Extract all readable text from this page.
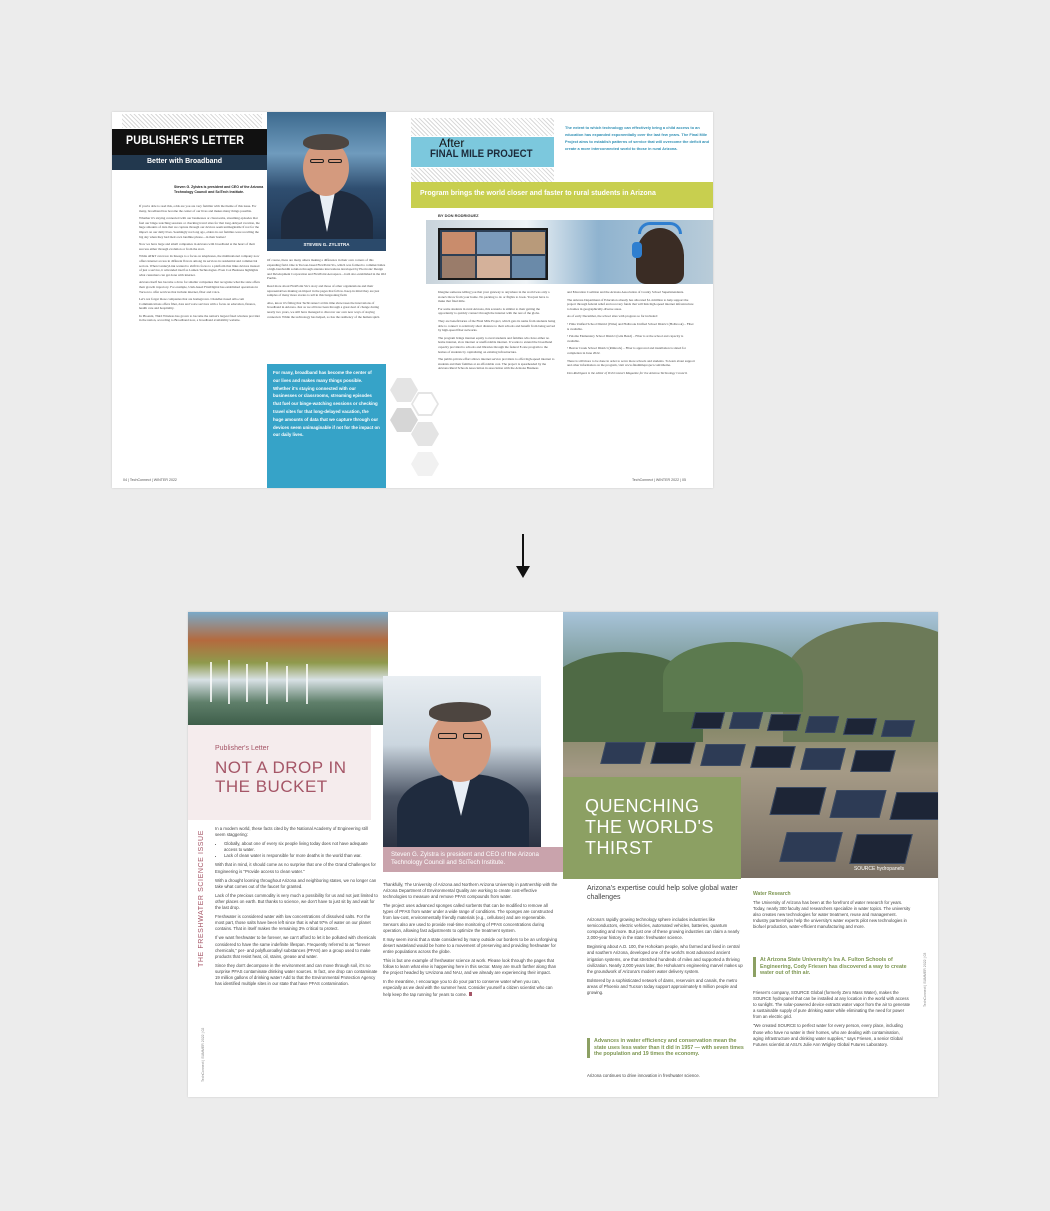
PUBLISHER'S LETTER
Better with Broadband
Steven G. Zylstra is president and CEO of the Arizona Technology Council and SciTech Institute.
STEVEN G. ZYLSTRA

If you're able to read this, odds are you are very familiar with the theme of this issue. For many, broadband has become the center of our lives and makes many things possible.

Whether it's staying connected with our businesses or classrooms, streaming episodes that fuel our binge-watching sessions or checking travel sites for that long-delayed vacation, the huge amounts of data that we capture through our devices seem unimaginable if not for the impact on our daily lives. Seemingly not long ago, elders in our families were recalling the big day when they had their own landline phone—in their homes!

Now we have large and small companies in Arizona with broadband at the heart of their success either through evolution or from the start.

While AT&T can trace its lineage to a focus on telephones, the multinational company now offers internet access in different flavors among its services in residential and commercial sectors. When CenturyLink wanted to shift its focus to a platform that links devices instead of just a service, it rebranded itself as Lumen Technologies. Even Cox Business highlights what customers can get done with internet.

Arizona itself has become a draw for smaller companies that recognize what the state offers their growth trajectory. For example, Utah-based FirstDigital has established operations in Tucson to offer services that include internet, fiber and voice.

Let's not forget those companies that are homegrown. Chandler-based Allo.com Communications offers fiber, data and voice services with a focus on education, finance, health care and hospitality.

In Phoenix, Third Wireless has grown to become the nation's largest fixed wireless provider in the nation, according to Broadband now, a broadband availability website.

Of course, there are many others making a difference in their own corners of this expanding field. One is Tucson-based FirstPoint SG, which was formed to commercialize a high-bandwidth solution through antenna innovations developed by Electronic Design and Development Corporation and FirstPoint Aerospace—both also established in the Old Pueblo.

Read more about FirstPoint SG's story and those of other organizations and their representatives making an impact in the pages that follow. Keep in mind they are just samples of many more stories to tell in this burgeoning field.

Also, know it's fitting that TechConnect at this time showcases the innovations of broadband in Arizona. Just as we all have been through a great deal of change during nearly two years, we still have managed to discover our own new ways of staying connected. While the technology has helped, so has the resiliency of the human spirit.

For many, broadband has become the center of our lives and makes many things possible. Whether it's staying connected with our businesses or classrooms, streaming episodes that fuel our binge-watching sessions or checking travel sites for that long-delayed vacation, the huge amounts of data that we capture through our devices seem unimaginable if not for the impact on our daily lives.
04 | TechConnect | WINTER 2022
After
FINAL MILE PROJECT
The extent to which technology can effectively bring a child access to an education has expanded exponentially over the last few years. The Final Mile Project aims to establish patterns of service that will overcome the deficit and create a more interconnected world to those in rural Arizona.
Program brings the world closer and faster to rural students in Arizona
BY DON RODRIGUEZ

Imagine someone telling you that your gateway to anywhere in the world was only a stone's throw from your home. No packing to do or flights to book. You just have to make that final mile.

For some students in rural Arizona, this scenario is similar to their getting the opportunity to quickly connect through the internet with the rest of the globe.

They are beneficiaries of the Final Mile Project, which gets its name from students being able to connect to relatively short distance to their schools and benefit from being served by high-speed fiber networks.

The program brings internet equity to rural students and families who have either no home internet, slow internet or unaffordable internet. It works to extend the broadband capacity provided to schools and libraries through the federal E-rate program to the homes of students by capitalizing on existing infrastructure.

The public-private effort allows internet service providers to offer high-speed internet to students and their families at an affordable cost. The project is spearheaded by the Arizona Rural Schools Association in association with the Arizona Business

and Education Coalition and the Arizona Association of County School Superintendents.

The Arizona Department of Education already has allocated $1.4 million to help support the project through federal relief and recovery funds that will link high-speed internet infrastructure to homes in geographically-diverse areas.

As of early December, the school sites with progress so far included:

• Pima Unified School District (Pima) and Holbrook Unified School District (Holbrook) – Fiber is available.

• Paloma Elementary School District (Gila Bend) – Fiber is at the school and capacity is available.

• Beaver Creek School District (Rimrock) – Fiber is approved and installation is slated for completion in June 2022.

There is still more to be done in order to serve more schools and students. To learn about support and other information on the program, visit www.finalmileproject.com/#home.

Don Rodriguez is the editor of TechConnect Magazine for the Arizona Technology Council.

TechConnect | WINTER 2022 | 05
Publisher's Letter
NOT A DROP IN THE BUCKET
THE FRESHWATER SCIENCE ISSUE
TechConnect | SUMMER 2022 | 02
Steven G. Zylstra is president and CEO of the Arizona Technology Council and SciTech Institute.

In a modern world, these facts cited by the National Academy of Engineering still seem staggering:

• Globally, about one of every six people living today does not have adequate access to water.
• Lack of clean water is responsible for more deaths in the world than war.

With that in mind, it should come as no surprise that one of the Grand Challenges for Engineering is "Provide access to clean water."

With a drought looming throughout Arizona and neighboring states, we no longer can take what comes out of the faucet for granted.

Lack of the precious commodity is very much a possibility for us and not just limited to other places on earth. But thanks to science, we don't have to just sit by and wait for the last drop.

Freshwater is considered water with low concentrations of dissolved salts. For the most part, those salts have been left since that is what 97% of water on our planet contains. That in itself makes the remaining 3% critical to protect.

If we want freshwater to be forever, we can't afford to let it be polluted with chemicals considered to have the same indefinite lifespan. Frequently referred to as "forever chemicals," per- and polyfluoroalkyl substances (PFAS) are a group used to make products that resist heat, oil, stains, grease and water.

Since they don't decompose in the environment and can move through soil, it's no surprise PFAS contaminate drinking water sources. In fact, one drop can contaminate 19 million gallons of drinking water! Add to that the Environmental Protection Agency has identified multiple sites in our state that have PFAS contamination.

Thankfully, The University of Arizona and Northern Arizona University in partnership with the Arizona Department of Environmental Quality are working to create cost-effective technologies to measure and remove PFAS compounds from water.

The project uses advanced sponges called sorbents that can be modified to remove all types of PFAS from water under a wide range of conditions. The sponges are constructed from low-cost, environmentally friendly materials (e.g., cellulose) and are regenerable. Sensors also are used to provide real-time monitoring of PFAS concentrations during operation, allowing fast adjustments to optimize the treatment system.

It may seem ironic that a state considered by many outside our borders to be an unforgiving desert wasteland would be home to a movement of preserving and providing freshwater for entire populations across the globe.

This is but one example of freshwater science at work. Please look through the pages that follow to learn what else is happening here in this sector. Many are much farther along than the project headed by UArizona and NAU, and we already are experiencing their impact.

In the meantime, I encourage you to do your part to conserve water when you can, especially as we deal with the summer heat. Consider yourself a citizen scientist who can help keep the tap running for years to come.

SOURCE hydropanels
QUENCHING THE WORLD'S THIRST
Arizona's expertise could help solve global water challenges

Arizona's rapidly growing technology sphere includes industries like semiconductors, electric vehicles, automated vehicles, batteries, quantum computing and more. But just one of these growing industries can claim a nearly 2,000-year history in the state: freshwater science.

Beginning about A.D. 100, the Hohokam people, who farmed and lived in central and southern Arizona, developed one of the world's most advanced ancient irrigation systems, one that stretched hundreds of miles and supported a thriving civilization. Nearly 2,000 years later, the Hohokam's engineering marvel makes up the groundwork of Arizona's modern water delivery system.

Bolstered by a sophisticated network of dams, reservoirs and canals, the metro areas of Phoenix and Tucson today support approximately 6 million people and growing.

Advances in water efficiency and conservation mean the state uses less water than it did in 1957 — with seven times the population and 19 times the economy.
Arizona continues to drive innovation in freshwater science.
Water Research
The University of Arizona has been at the forefront of water research for years. Today, nearly 300 faculty and researchers specialize in water topics. The university also creates new technologies for water treatment, reuse and management. Industry partnerships help the university's water experts pilot new technologies in biofuel production, water-efficient manufacturing and more.
At Arizona State University's Ira A. Fulton Schools of Engineering, Cody Friesen has discovered a way to create water out of thin air.

Friesen's company, SOURCE Global (formerly Zero Mass Water), makes the SOURCE hydropanel that can be installed at any location in the world with access to sunlight. The solar-powered device extracts water vapor from the air to generate a sustainable supply of pure drinking water while eliminating the need for power from an electric grid.

"We created SOURCE to perfect water for every person, every place, including those who have no water in their homes, who are dealing with contamination, aging infrastructure and drinking water supplies," says Friesen, a senior Global Futures scientist at ASU's Julie Ann Wrigley Global Futures Laboratory.

TechConnect | SUMMER 2022 | 03
